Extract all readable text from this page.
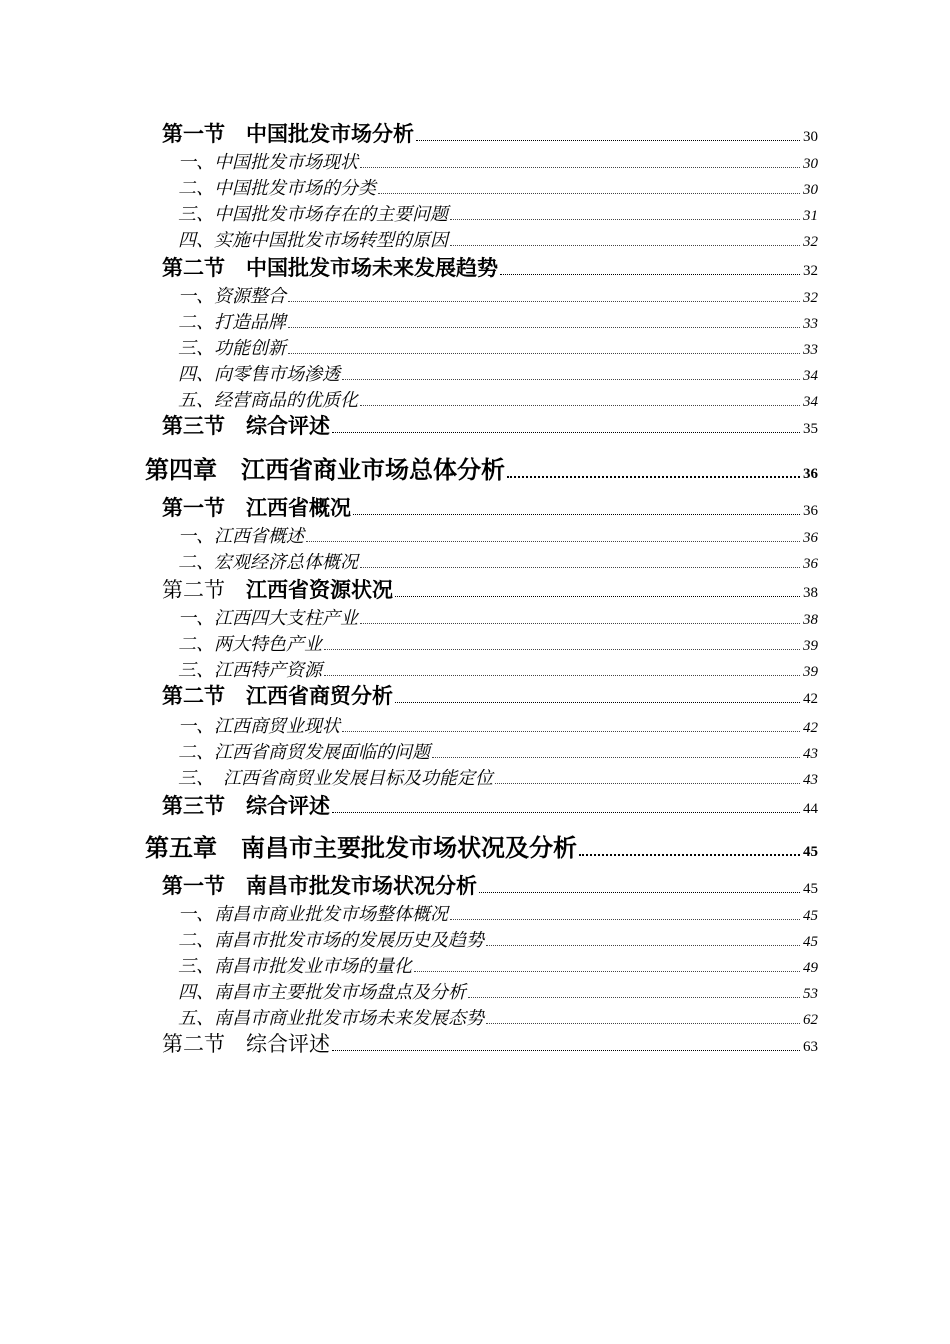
第一节　中国批发市场分析	30
一、中国批发市场现状	30
二、中国批发市场的分类	30
三、中国批发市场存在的主要问题	31
四、实施中国批发市场转型的原因	32
第二节　中国批发市场未来发展趋势	32
一、资源整合	32
二、打造品牌	33
三、功能创新	33
四、向零售市场渗透	34
五、经营商品的优质化	34
第三节　综合评述	35
第四章　江西省商业市场总体分析	36
第一节　江西省概况	36
一、江西省概述	36
二、宏观经济总体概况	36
第二节　江西省资源状况	38
一、江西四大支柱产业	38
二、两大特色产业	39
三、江西特产资源	39
第二节　江西省商贸分析	42
一、江西商贸业现状	42
二、江西省商贸发展面临的问题	43
三、　江西省商贸业发展目标及功能定位	43
第三节　综合评述	44
第五章　南昌市主要批发市场状况及分析	45
第一节　南昌市批发市场状况分析	45
一、南昌市商业批发市场整体概况	45
二、南昌市批发市场的发展历史及趋势	45
三、南昌市批发业市场的量化	49
四、南昌市主要批发市场盘点及分析	53
五、南昌市商业批发市场未来发展态势	62
第二节　综合评述	63
